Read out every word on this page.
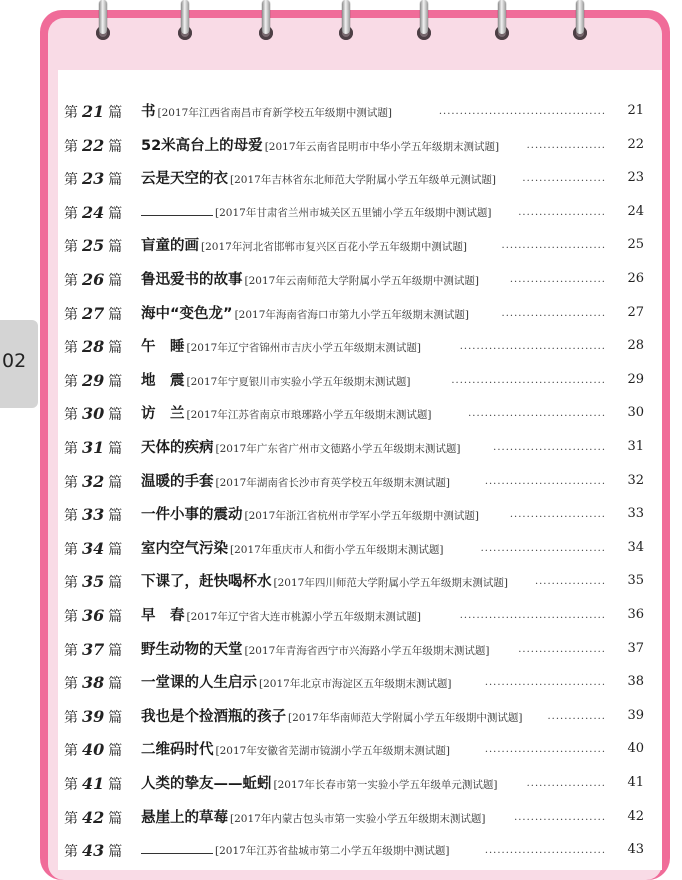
02
第 21 篇 书 [2017年江西省南昌市育新学校五年级期中测试题]	········································ 21
第 22 篇 52米高台上的母爱 [2017年云南省昆明市中华小学五年级期末测试题]	··················· 22
第 23 篇 云是天空的衣 [2017年吉林省东北师范大学附属小学五年级单元测试题]	···················· 23
第 24 篇	[2017年甘肃省兰州市城关区五里铺小学五年级期中测试题]	····················· 24
第 25 篇 盲童的画 [2017年河北省邯郸市复兴区百花小学五年级期中测试题]	························· 25
第 26 篇 鲁迅爱书的故事 [2017年云南师范大学附属小学五年级期中测试题]	······················· 26
第 27 篇 海中“变色龙” [2017年海南省海口市第九小学五年级期末测试题]	························· 27
第 28 篇 午　睡 [2017年辽宁省锦州市吉庆小学五年级期末测试题]	··································· 28
第 29 篇 地　震 [2017年宁夏银川市实验小学五年级期末测试题]	····································· 29
第 30 篇 访　兰 [2017年江苏省南京市琅琊路小学五年级期末测试题]	································· 30
第 31 篇 天体的疾病 [2017年广东省广州市文德路小学五年级期末测试题]	··························· 31
第 32 篇 温暖的手套 [2017年湖南省长沙市育英学校五年级期末测试题]	····························· 32
第 33 篇 一件小事的震动 [2017年浙江省杭州市学军小学五年级期中测试题]	······················· 33
第 34 篇 室内空气污染 [2017年重庆市人和街小学五年级期末测试题]	······························ 34
第 35 篇 下课了，赶快喝杯水 [2017年四川师范大学附属小学五年级期末测试题]	················· 35
第 36 篇 早　春 [2017年辽宁省大连市桃源小学五年级期末测试题]	··································· 36
第 37 篇 野生动物的天堂 [2017年青海省西宁市兴海路小学五年级期末测试题]	····················· 37
第 38 篇 一堂课的人生启示 [2017年北京市海淀区五年级期末测试题]	····························· 38
第 39 篇 我也是个捡酒瓶的孩子 [2017年华南师范大学附属小学五年级期中测试题]	·············· 39
第 40 篇 二维码时代 [2017年安徽省芜湖市镜湖小学五年级期末测试题]	····························· 40
第 41 篇 人类的挚友——蚯蚓 [2017年长春市第一实验小学五年级单元测试题]	··················· 41
第 42 篇 悬崖上的草莓 [2017年内蒙古包头市第一实验小学五年级期末测试题]	······················ 42
第 43 篇	[2017年江苏省盐城市第二小学五年级期中测试题]	····························· 43
